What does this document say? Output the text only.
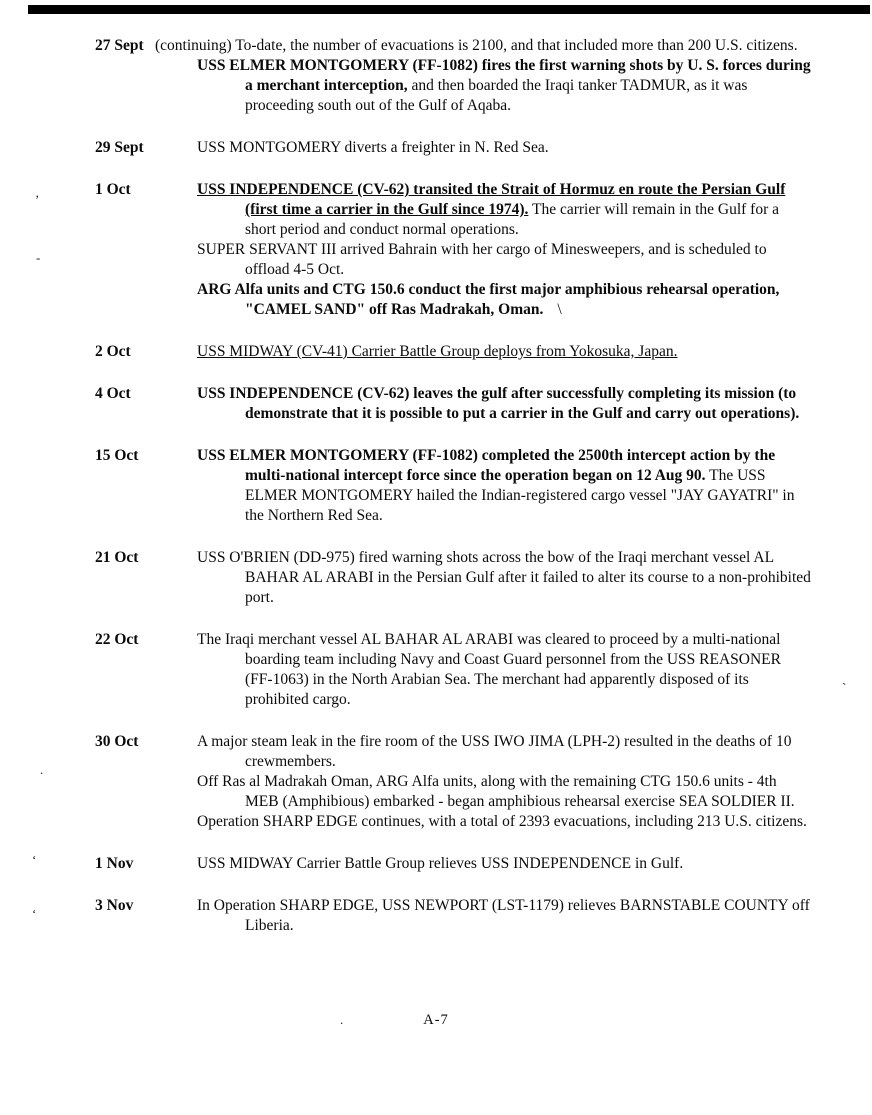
27 Sept (continuing) To-date, the number of evacuations is 2100, and that included more than 200 U.S. citizens.

USS ELMER MONTGOMERY (FF-1082) fires the first warning shots by U. S. forces during a merchant interception, and then boarded the Iraqi tanker TADMUR, as it was proceeding south out of the Gulf of Aqaba.

29 Sept	USS MONTGOMERY diverts a freighter in N. Red Sea.

1 Oct	USS INDEPENDENCE (CV-62) transited the Strait of Hormuz en route the Persian Gulf (first time a carrier in the Gulf since 1974). The carrier will remain in the Gulf for a short period and conduct normal operations.

SUPER SERVANT III arrived Bahrain with her cargo of Minesweepers, and is scheduled to offload 4-5 Oct.

ARG Alfa units and CTG 150.6 conduct the first major amphibious rehearsal operation, "CAMEL SAND" off Ras Madrakah, Oman. \

2 Oct	USS MIDWAY (CV-41) Carrier Battle Group deploys from Yokosuka, Japan.

4 Oct	USS INDEPENDENCE (CV-62) leaves the gulf after successfully completing its mission (to demonstrate that it is possible to put a carrier in the Gulf and carry out operations).

15 Oct	USS ELMER MONTGOMERY (FF-1082) completed the 2500th intercept action by the multi-national intercept force since the operation began on 12 Aug 90. The USS ELMER MONTGOMERY hailed the Indian-registered cargo vessel "JAY GAYATRI" in the Northern Red Sea.

21 Oct	USS O'BRIEN (DD-975) fired warning shots across the bow of the Iraqi merchant vessel AL BAHAR AL ARABI in the Persian Gulf after it failed to alter its course to a non-prohibited port.

22 Oct	The Iraqi merchant vessel AL BAHAR AL ARABI was cleared to proceed by a multi-national boarding team including Navy and Coast Guard personnel from the USS REASONER (FF-1063) in the North Arabian Sea. The merchant had apparently disposed of its prohibited cargo.

30 Oct	A major steam leak in the fire room of the USS IWO JIMA (LPH-2) resulted in the deaths of 10 crewmembers.

Off Ras al Madrakah Oman, ARG Alfa units, along with the remaining CTG 150.6 units - 4th MEB (Amphibious) embarked - began amphibious rehearsal exercise SEA SOLDIER II.

Operation SHARP EDGE continues, with a total of 2393 evacuations, including 213 U.S. citizens.

1 Nov	USS MIDWAY Carrier Battle Group relieves USS INDEPENDENCE in Gulf.

3 Nov	In Operation SHARP EDGE, USS NEWPORT (LST-1179) relieves BARNSTABLE COUNTY off Liberia.

’
-
`
.
‘
‘
.	A-7
